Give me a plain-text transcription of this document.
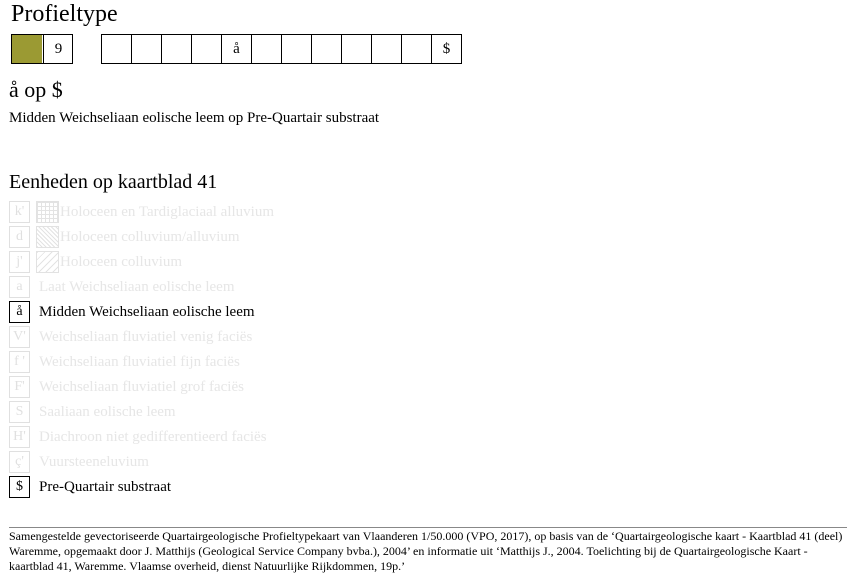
Profieltype
9	å	$
å op $
Midden Weichseliaan eolische leem op Pre-Quartair substraat
Eenheden op kaartblad 41
k'	Holoceen en Tardiglaciaal alluvium
d	Holoceen colluvium/alluvium
j'	Holoceen colluvium
a	Laat Weichseliaan eolische leem
å	Midden Weichseliaan eolische leem
V' Weichseliaan fluviatiel venig faciës
f ' Weichseliaan fluviatiel fijn faciës
F' Weichseliaan fluviatiel grof faciës
S	Saaliaan eolische leem
H' Diachroon niet gedifferentieerd faciës
ç'	Vuursteeneluvium
$	Pre-Quartair substraat
Samengestelde gevectoriseerde Quartairgeologische Profieltypekaart van Vlaanderen 1/50.000 (VPO, 2017), op basis van de ‘Quartairgeologische kaart - Kaartblad 41 (deel) Waremme, opgemaakt door J. Matthijs (Geological Service Company bvba.), 2004’ en informatie uit ‘Matthijs J., 2004. Toelichting bij de Quartairgeologische Kaart - kaartblad 41, Waremme. Vlaamse overheid, dienst Natuurlijke Rijkdommen, 19p.’
